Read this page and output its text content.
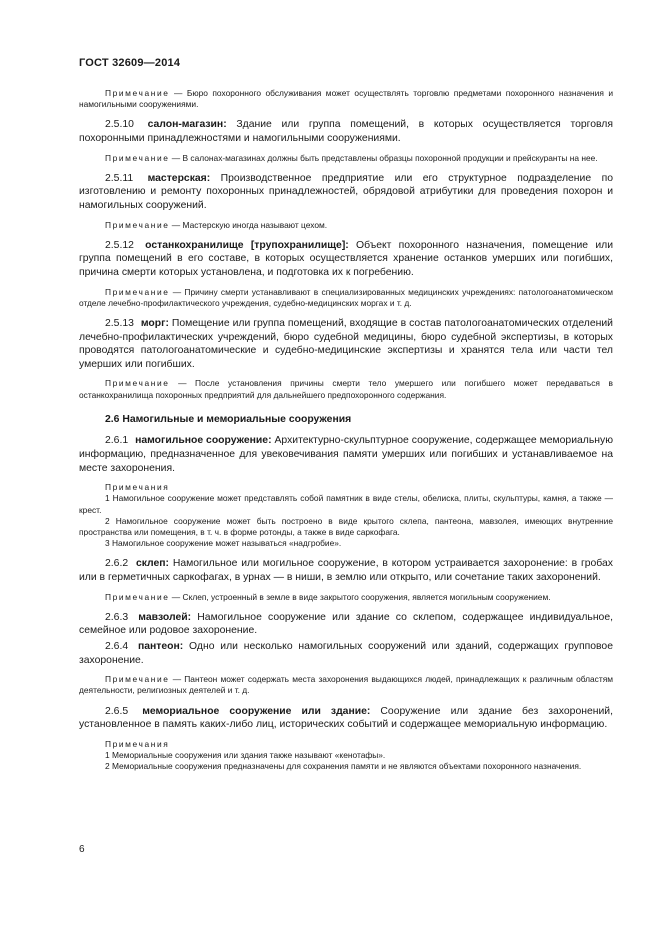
ГОСТ 32609—2014

Примечание — Бюро похоронного обслуживания может осуществлять торговлю предметами похоронного назначения и намогильными сооружениями.

2.5.10 салон-магазин: Здание или группа помещений, в которых осуществляется торговля похоронными принадлежностями и намогильными сооружениями.

Примечание — В салонах-магазинах должны быть представлены образцы похоронной продукции и прейскуранты на нее.

2.5.11 мастерская: Производственное предприятие или его структурное подразделение по изготовлению и ремонту похоронных принадлежностей, обрядовой атрибутики для проведения похорон и намогильных сооружений.

Примечание — Мастерскую иногда называют цехом.

2.5.12 останкохранилище [трупохранилище]: Объект похоронного назначения, помещение или группа помещений в его составе, в которых осуществляется хранение останков умерших или погибших, причина смерти которых установлена, и подготовка их к погребению.

Примечание — Причину смерти устанавливают в специализированных медицинских учреждениях: патологоанатомическом отделе лечебно-профилактического учреждения, судебно-медицинских моргах и т. д.

2.5.13 морг: Помещение или группа помещений, входящие в состав патологоанатомических отделений лечебно-профилактических учреждений, бюро судебной медицины, бюро судебной экспертизы, в которых проводятся патологоанатомические и судебно-медицинские экспертизы и хранятся тела или части тел умерших или погибших.

Примечание — После установления причины смерти тело умершего или погибшего может передаваться в останкохранилища похоронных предприятий для дальнейшего предпохоронного содержания.

2.6 Намогильные и мемориальные сооружения

2.6.1 намогильное сооружение: Архитектурно-скульптурное сооружение, содержащее мемориальную информацию, предназначенное для увековечивания памяти умерших или погибших и устанавливаемое на месте захоронения.

Примечания

1 Намогильное сооружение может представлять собой памятник в виде стелы, обелиска, плиты, скульптуры, камня, а также — крест.

2 Намогильное сооружение может быть построено в виде крытого склепа, пантеона, мавзолея, имеющих внутренние пространства или помещения, в т. ч. в форме ротонды, а также в виде саркофага.

3 Намогильное сооружение может называться «надгробие».

2.6.2 склеп: Намогильное или могильное сооружение, в котором устраивается захоронение: в гробах или в герметичных саркофагах, в урнах — в ниши, в землю или открыто, или сочетание таких захоронений.

Примечание — Склеп, устроенный в земле в виде закрытого сооружения, является могильным сооружением.

2.6.3 мавзолей: Намогильное сооружение или здание со склепом, содержащее индивидуальное, семейное или родовое захоронение.

2.6.4 пантеон: Одно или несколько намогильных сооружений или зданий, содержащих групповое захоронение.

Примечание — Пантеон может содержать места захоронения выдающихся людей, принадлежащих к различным областям деятельности, религиозных деятелей и т. д.

2.6.5 мемориальное сооружение или здание: Сооружение или здание без захоронений, установленное в память каких-либо лиц, исторических событий и содержащее мемориальную информацию.

Примечания

1 Мемориальные сооружения или здания также называют «кенотафы».

2 Мемориальные сооружения предназначены для сохранения памяти и не являются объектами похоронного назначения.

6
